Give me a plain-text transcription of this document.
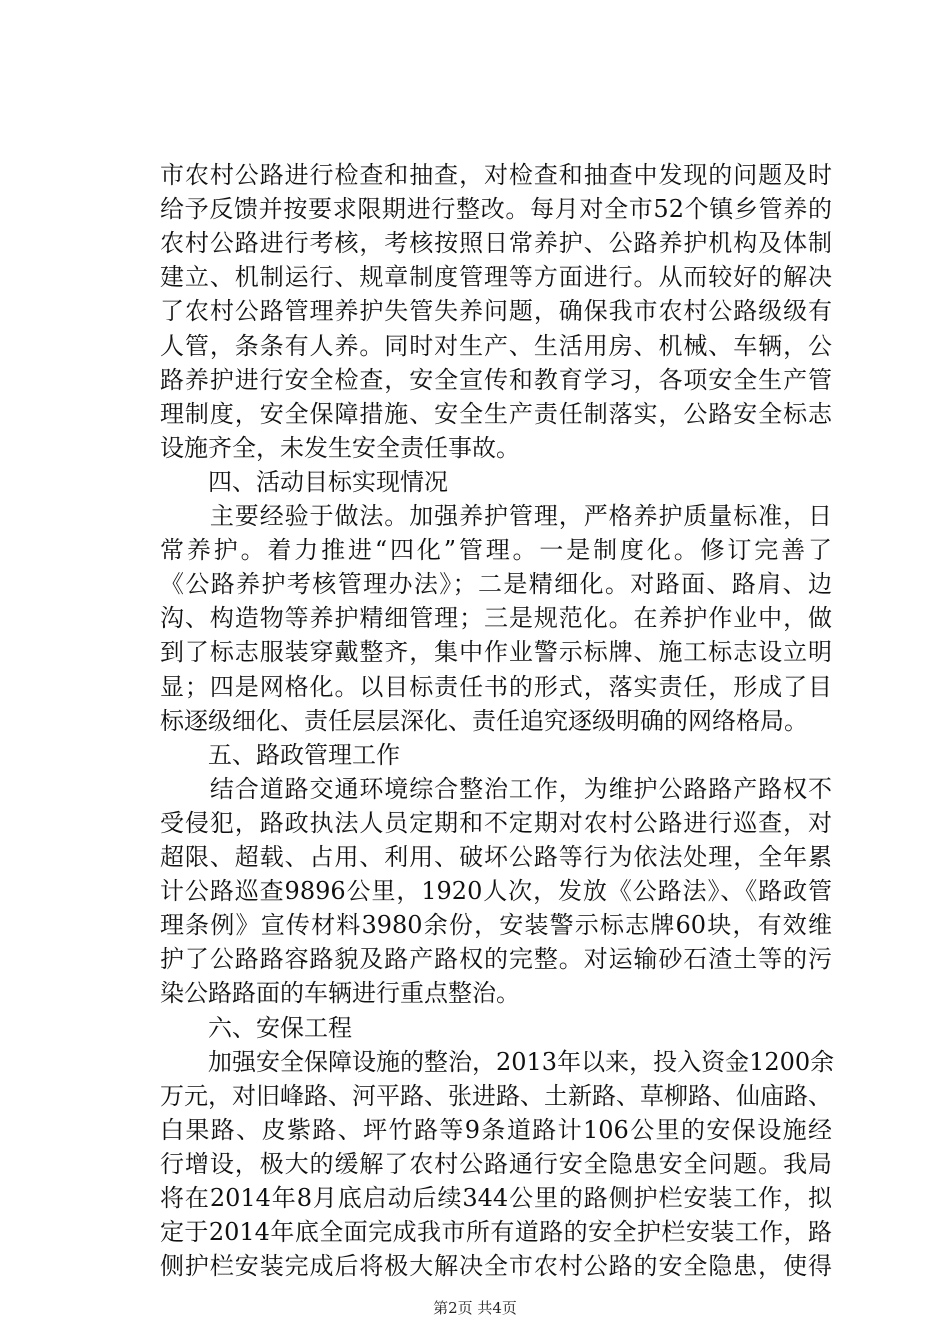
市农村公路进行检查和抽查，对检查和抽查中发现的问题及时
给予反馈并按要求限期进行整改。每月对全市52个镇乡管养的
农村公路进行考核，考核按照日常养护、公路养护机构及体制
建立、机制运行、规章制度管理等方面进行。从而较好的解决
了农村公路管理养护失管失养问题，确保我市农村公路级级有
人管，条条有人养。同时对生产、生活用房、机械、车辆，公
路养护进行安全检查，安全宣传和教育学习，各项安全生产管
理制度，安全保障措施、安全生产责任制落实，公路安全标志
设施齐全，未发生安全责任事故。
　　四、活动目标实现情况
　　主要经验于做法。加强养护管理，严格养护质量标准，日
常养护。着力推进“四化”管理。一是制度化。修订完善了
《公路养护考核管理办法》；二是精细化。对路面、路肩、边
沟、构造物等养护精细管理；三是规范化。在养护作业中，做
到了标志服装穿戴整齐，集中作业警示标牌、施工标志设立明
显；四是网格化。以目标责任书的形式，落实责任，形成了目
标逐级细化、责任层层深化、责任追究逐级明确的网络格局。
　　五、路政管理工作
　　结合道路交通环境综合整治工作，为维护公路路产路权不
受侵犯，路政执法人员定期和不定期对农村公路进行巡查，对
超限、超载、占用、利用、破坏公路等行为依法处理，全年累
计公路巡查9896公里，1920人次，发放《公路法》、《路政管
理条例》宣传材料3980余份，安装警示标志牌60块，有效维
护了公路路容路貌及路产路权的完整。对运输砂石渣土等的污
染公路路面的车辆进行重点整治。
　　六、安保工程
　　加强安全保障设施的整治，2013年以来，投入资金1200余
万元，对旧峰路、河平路、张进路、土新路、草柳路、仙庙路、
白果路、皮紫路、坪竹路等9条道路计106公里的安保设施经
行增设，极大的缓解了农村公路通行安全隐患安全问题。我局
将在2014年8月底启动后续344公里的路侧护栏安装工作，拟
定于2014年底全面完成我市所有道路的安全护栏安装工作，路
侧护栏安装完成后将极大解决全市农村公路的安全隐患，使得
第2页 共4页
